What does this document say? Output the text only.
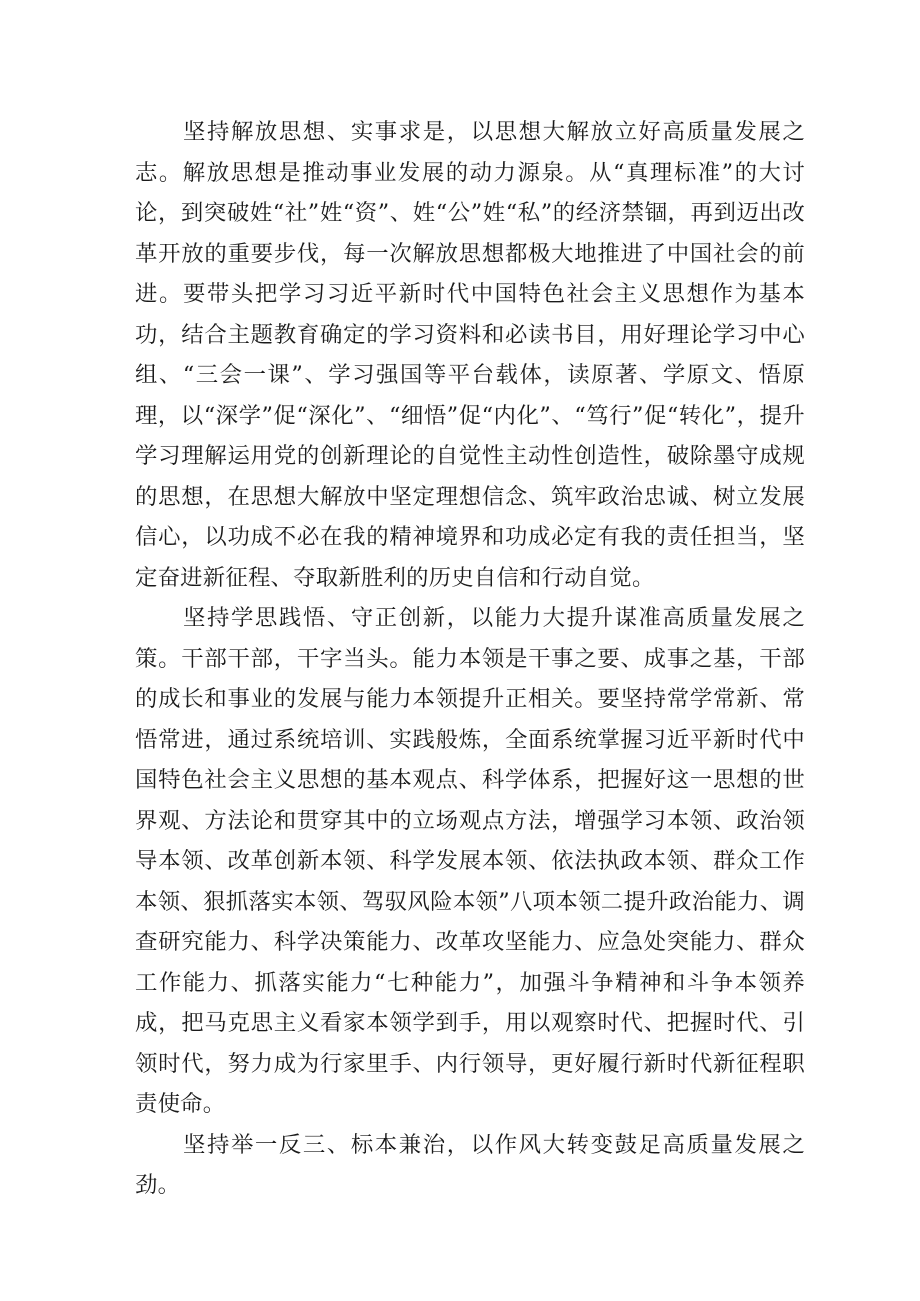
坚持解放思想、实事求是，以思想大解放立好高质量发展之志。解放思想是推动事业发展的动力源泉。从“真理标准”的大讨论，到突破姓“社”姓“资”、姓“公”姓“私”的经济禁锢，再到迈出改革开放的重要步伐，每一次解放思想都极大地推进了中国社会的前进。要带头把学习习近平新时代中国特色社会主义思想作为基本功，结合主题教育确定的学习资料和必读书目，用好理论学习中心组、“三会一课”、学习强国等平台载体，读原著、学原文、悟原理，以“深学”促“深化”、“细悟”促“内化”、“笃行”促“转化”，提升学习理解运用党的创新理论的自觉性主动性创造性，破除墨守成规的思想，在思想大解放中坚定理想信念、筑牢政治忠诚、树立发展信心，以功成不必在我的精神境界和功成必定有我的责任担当，坚定奋进新征程、夺取新胜利的历史自信和行动自觉。

坚持学思践悟、守正创新，以能力大提升谋准高质量发展之策。干部干部，干字当头。能力本领是干事之要、成事之基，干部的成长和事业的发展与能力本领提升正相关。要坚持常学常新、常悟常进，通过系统培训、实践般炼，全面系统掌握习近平新时代中国特色社会主义思想的基本观点、科学体系，把握好这一思想的世界观、方法论和贯穿其中的立场观点方法，增强学习本领、政治领导本领、改革创新本领、科学发展本领、依法执政本领、群众工作本领、狠抓落实本领、驾驭风险本领”八项本领二提升政治能力、调查研究能力、科学决策能力、改革攻坚能力、应急处突能力、群众工作能力、抓落实能力“七种能力”，加强斗争精神和斗争本领养成，把马克思主义看家本领学到手，用以观察时代、把握时代、引领时代，努力成为行家里手、内行领导，更好履行新时代新征程职责使命。

坚持举一反三、标本兼治，以作风大转变鼓足高质量发展之劲。
